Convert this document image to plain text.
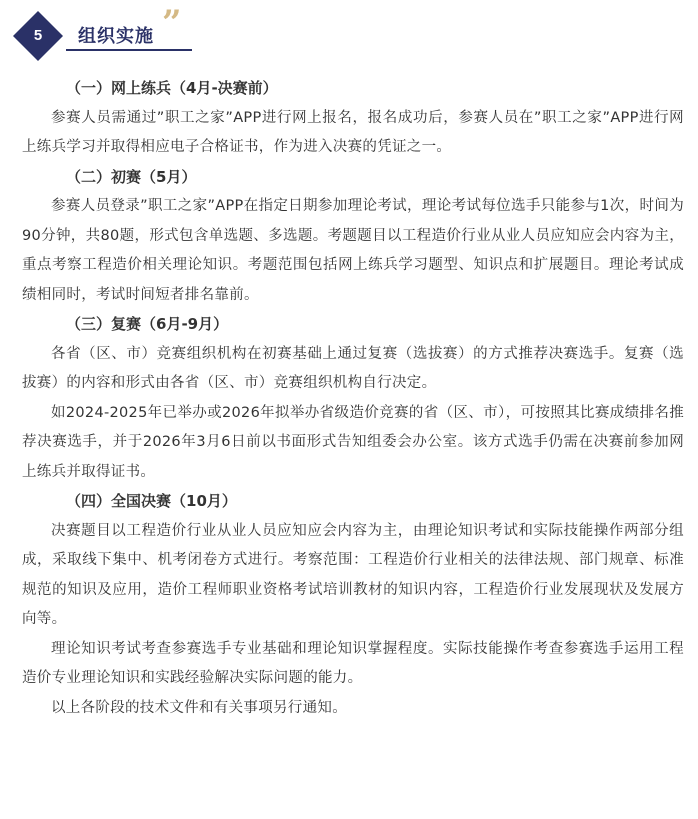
5	组织实施 ”
（一）网上练兵（4月-决赛前）

参赛人员需通过”职工之家”APP进行网上报名，报名成功后，参赛人员在”职工之家”APP进行网上练兵学习并取得相应电子合格证书，作为进入决赛的凭证之一。

（二）初赛（5月）

参赛人员登录”职工之家”APP在指定日期参加理论考试，理论考试每位选手只能参与1次，时间为90分钟，共80题，形式包含单选题、多选题。考题题目以工程造价行业从业人员应知应会内容为主，重点考察工程造价相关理论知识。考题范围包括网上练兵学习题型、知识点和扩展题目。理论考试成绩相同时，考试时间短者排名靠前。

（三）复赛（6月-9月）

各省（区、市）竞赛组织机构在初赛基础上通过复赛（选拔赛）的方式推荐决赛选手。复赛（选拔赛）的内容和形式由各省（区、市）竞赛组织机构自行决定。

如2024-2025年已举办或2026年拟举办省级造价竞赛的省（区、市），可按照其比赛成绩排名推荐决赛选手，并于2026年3月6日前以书面形式告知组委会办公室。该方式选手仍需在决赛前参加网上练兵并取得证书。

（四）全国决赛（10月）

决赛题目以工程造价行业从业人员应知应会内容为主，由理论知识考试和实际技能操作两部分组成，采取线下集中、机考闭卷方式进行。考察范围：工程造价行业相关的法律法规、部门规章、标准规范的知识及应用，造价工程师职业资格考试培训教材的知识内容，工程造价行业发展现状及发展方向等。

理论知识考试考查参赛选手专业基础和理论知识掌握程度。实际技能操作考查参赛选手运用工程造价专业理论知识和实践经验解决实际问题的能力。

以上各阶段的技术文件和有关事项另行通知。
